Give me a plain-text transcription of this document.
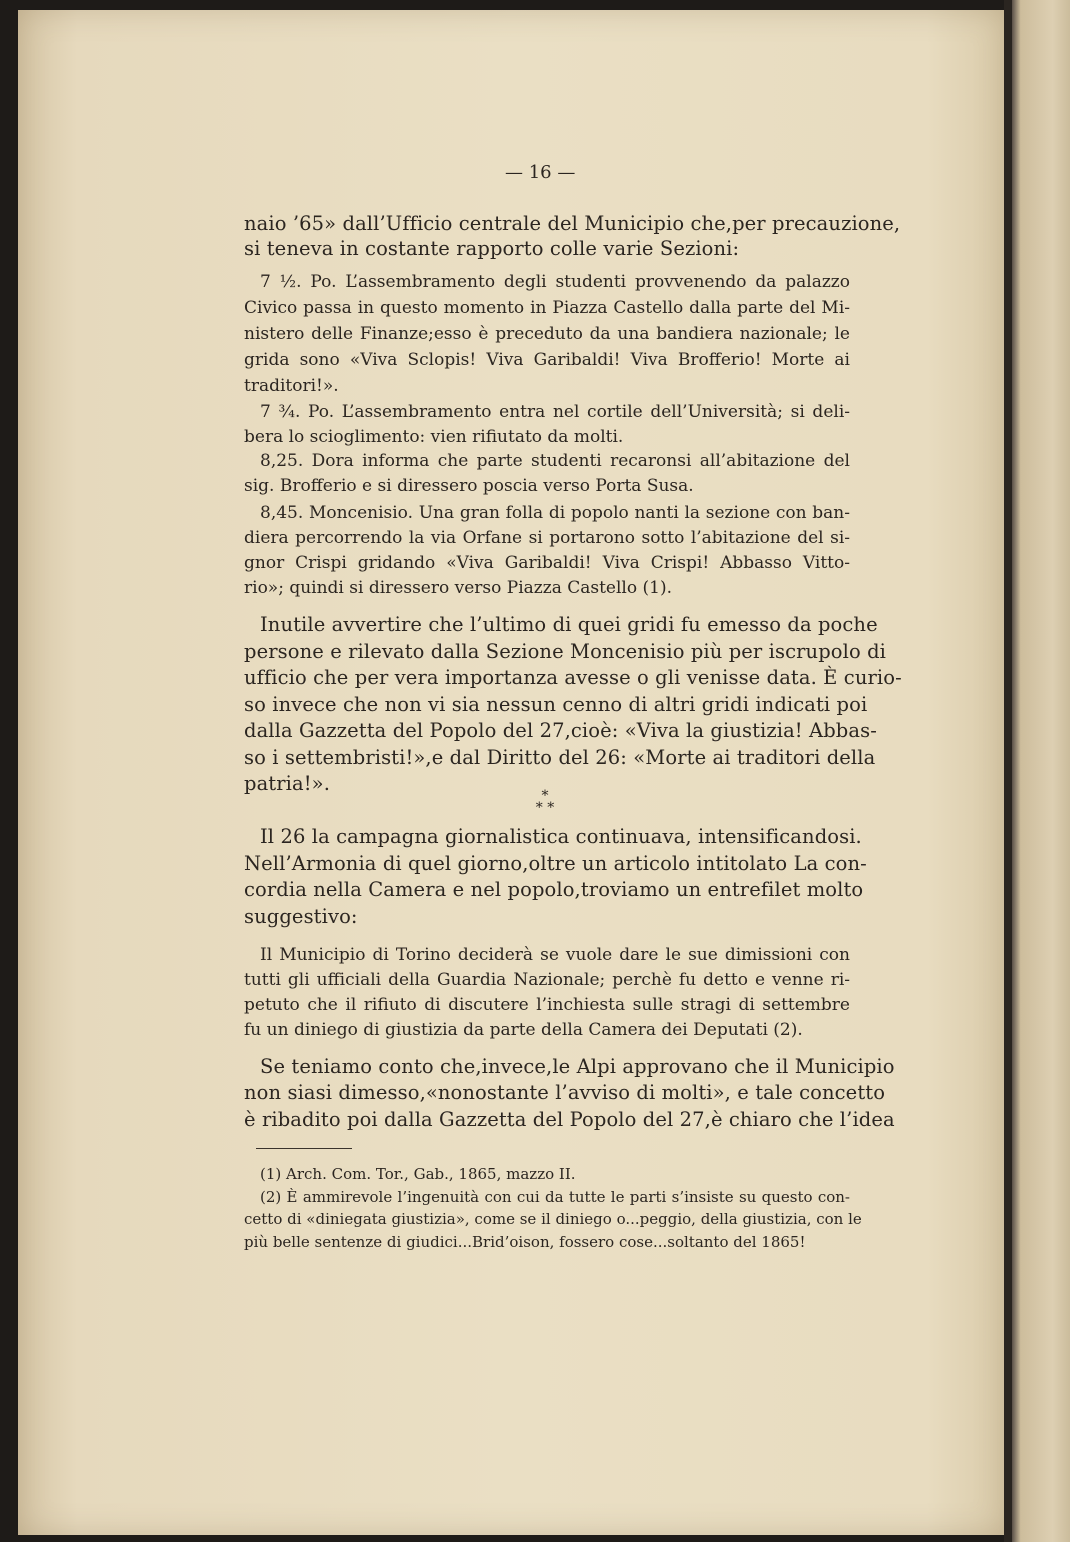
— 16 —
naio ’65» dall’Ufficio centrale del Municipio che,per precauzione,
si teneva in costante rapporto colle varie Sezioni:
7 ½. Po. L’assembramento degli studenti provvenendo da palazzo
Civico passa in questo momento in Piazza Castello dalla parte del Mi-
nistero delle Finanze;esso è preceduto da una bandiera nazionale; le
grida sono «Viva Sclopis! Viva Garibaldi! Viva Brofferio! Morte ai
traditori!».
7 ¾. Po. L’assembramento entra nel cortile dell’Università; si deli-
bera lo scioglimento: vien rifiutato da molti.
8,25. Dora informa che parte studenti recaronsi all’abitazione del
sig. Brofferio e si diressero poscia verso Porta Susa.
8,45. Moncenisio. Una gran folla di popolo nanti la sezione con ban-
diera percorrendo la via Orfane si portarono sotto l’abitazione del si-
gnor Crispi gridando «Viva Garibaldi! Viva Crispi! Abbasso Vitto-
rio»; quindi si diressero verso Piazza Castello (1).
Inutile avvertire che l’ultimo di quei gridi fu emesso da poche
persone e rilevato dalla Sezione Moncenisio più per iscrupolo di
ufficio che per vera importanza avesse o gli venisse data. È curio-
so invece che non vi sia nessun cenno di altri gridi indicati poi
dalla Gazzetta del Popolo del 27,cioè: «Viva la giustizia! Abbas-
so i settembristi!»,e dal Diritto del 26: «Morte ai traditori della
patria!».
*
* *
Il 26 la campagna giornalistica continuava, intensificandosi.
Nell’Armonia di quel giorno,oltre un articolo intitolato La con-
cordia nella Camera e nel popolo,troviamo un entrefilet molto
suggestivo:
Il Municipio di Torino deciderà se vuole dare le sue dimissioni con
tutti gli ufficiali della Guardia Nazionale; perchè fu detto e venne ri-
petuto che il rifiuto di discutere l’inchiesta sulle stragi di settembre
fu un diniego di giustizia da parte della Camera dei Deputati (2).
Se teniamo conto che,invece,le Alpi approvano che il Municipio
non siasi dimesso,«nonostante l’avviso di molti», e tale concetto
è ribadito poi dalla Gazzetta del Popolo del 27,è chiaro che l’idea
(1) Arch. Com. Tor., Gab., 1865, mazzo II.
(2) È ammirevole l’ingenuità con cui da tutte le parti s’insiste su questo con-
cetto di «diniegata giustizia», come se il diniego o...peggio, della giustizia, con le
più belle sentenze di giudici...Brid’oison, fossero cose...soltanto del 1865!
